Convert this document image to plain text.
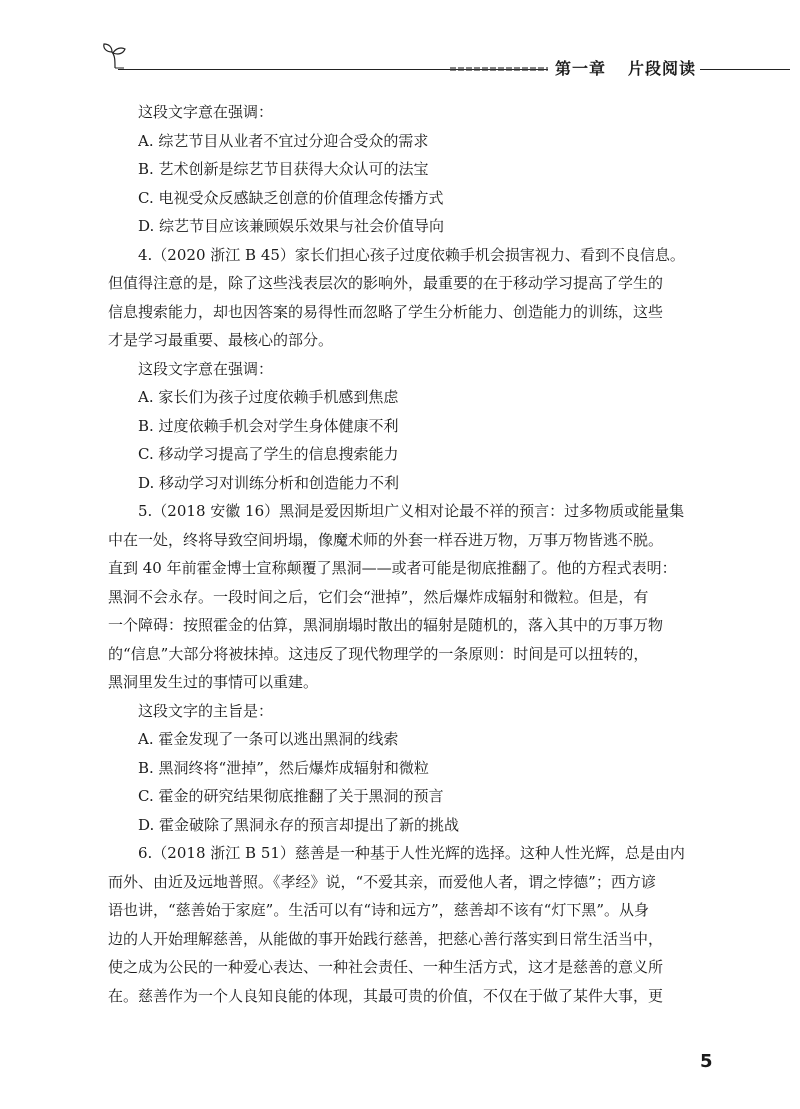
第一章 片段阅读

这段文字意在强调：

A. 综艺节目从业者不宜过分迎合受众的需求

B. 艺术创新是综艺节目获得大众认可的法宝

C. 电视受众反感缺乏创意的价值理念传播方式

D. 综艺节目应该兼顾娱乐效果与社会价值导向

4.（2020 浙江 B 45）家长们担心孩子过度依赖手机会损害视力、看到不良信息。

但值得注意的是，除了这些浅表层次的影响外，最重要的在于移动学习提高了学生的

信息搜索能力，却也因答案的易得性而忽略了学生分析能力、创造能力的训练，这些

才是学习最重要、最核心的部分。

这段文字意在强调：

A. 家长们为孩子过度依赖手机感到焦虑

B. 过度依赖手机会对学生身体健康不利

C. 移动学习提高了学生的信息搜索能力

D. 移动学习对训练分析和创造能力不利

5.（2018 安徽 16）黑洞是爱因斯坦广义相对论最不祥的预言：过多物质或能量集

中在一处，终将导致空间坍塌，像魔术师的外套一样吞进万物，万事万物皆逃不脱。

直到 40 年前霍金博士宣称颠覆了黑洞——或者可能是彻底推翻了。他的方程式表明：

黑洞不会永存。一段时间之后，它们会“泄掉”，然后爆炸成辐射和微粒。但是，有

一个障碍：按照霍金的估算，黑洞崩塌时散出的辐射是随机的，落入其中的万事万物

的“信息”大部分将被抹掉。这违反了现代物理学的一条原则：时间是可以扭转的，

黑洞里发生过的事情可以重建。

这段文字的主旨是：

A. 霍金发现了一条可以逃出黑洞的线索

B. 黑洞终将“泄掉”，然后爆炸成辐射和微粒

C. 霍金的研究结果彻底推翻了关于黑洞的预言

D. 霍金破除了黑洞永存的预言却提出了新的挑战

6.（2018 浙江 B 51）慈善是一种基于人性光辉的选择。这种人性光辉，总是由内

而外、由近及远地普照。《孝经》说，“不爱其亲，而爱他人者，谓之悖德”；西方谚

语也讲，“慈善始于家庭”。生活可以有“诗和远方”，慈善却不该有“灯下黑”。从身

边的人开始理解慈善，从能做的事开始践行慈善，把慈心善行落实到日常生活当中，

使之成为公民的一种爱心表达、一种社会责任、一种生活方式，这才是慈善的意义所

在。慈善作为一个人良知良能的体现，其最可贵的价值，不仅在于做了某件大事，更

5
